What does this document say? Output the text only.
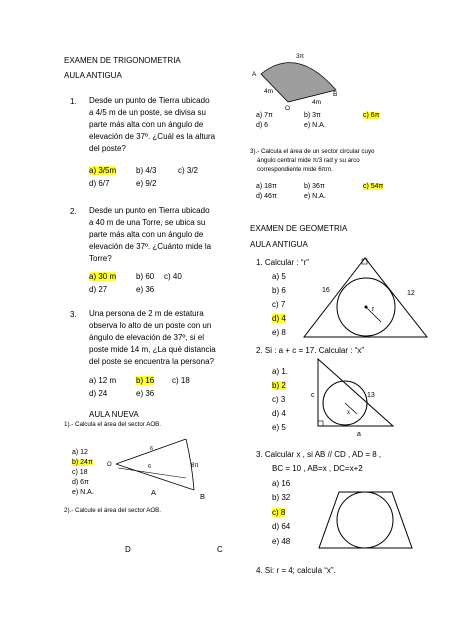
EXAMEN DE TRIGONOMETRIA
AULA ANTIGUA
1. Desde un punto de Tierra ubicado
a 4/5 m de un poste, se divisa su
parte más alta con un ángulo de
elevación de 37º. ¿Cuál es la altura
del poste?
a) 3/5m b) 4/3	c) 3/2
d) 6/7	e) 9/2
2. Desde un punto en Tierra ubicado
a 40 m de una Torre, se ubica su
parte más alta con un ángulo de
elevación de 37º. ¿Cuánto mide la
Torre?
a) 30 m b) 60 c) 40
d) 27	e) 36
3. Una persona de 2 m de estatura
observa lo alto de un poste con un
ángulo de elevación de 37º, si el
poste mide 14 m, ¿La qué distancia
del poste se encuentra la persona?
a) 12 m b) 16 c) 18
d) 24	e) 36
AULA NUEVA
1).- Calcula el área del sector AOB.
a) 12
b) 24π
c) 18
d) 6π
e) N.A.
O
6
6	8π
A	B
2).- Calcule el área del sector AOB.
D	C
3π
A
O
B
4m
4m
a) 7π	b) 3π	c) 6π
d) 6	e) N.A.
3).- Calcula el área de un sector circular cuyo
ángulo central mide π/3 rad y su arco
correspondiente mide 6πm.
a) 18π	b) 36π	c) 54π
d) 46π	e) N.A.
EXAMEN DE GEOMETRIA
AULA ANTIGUA
1. Calcular : “r”
a) 5
b) 6
c) 7
d) 4
e) 8
16	12
r
2. Si : a + c = 17. Calcular : “x”
a) 1.
b) 2
c) 3
d) 4
e) 5
13
c
a
x
3. Calcular x , si AB // CD , AD = 8 ,
BC = 10 , AB=x , DC=x+2
a) 16
b) 32
c) 8
d) 64
e) 48
4. Si: r = 4; calcula “x”.
